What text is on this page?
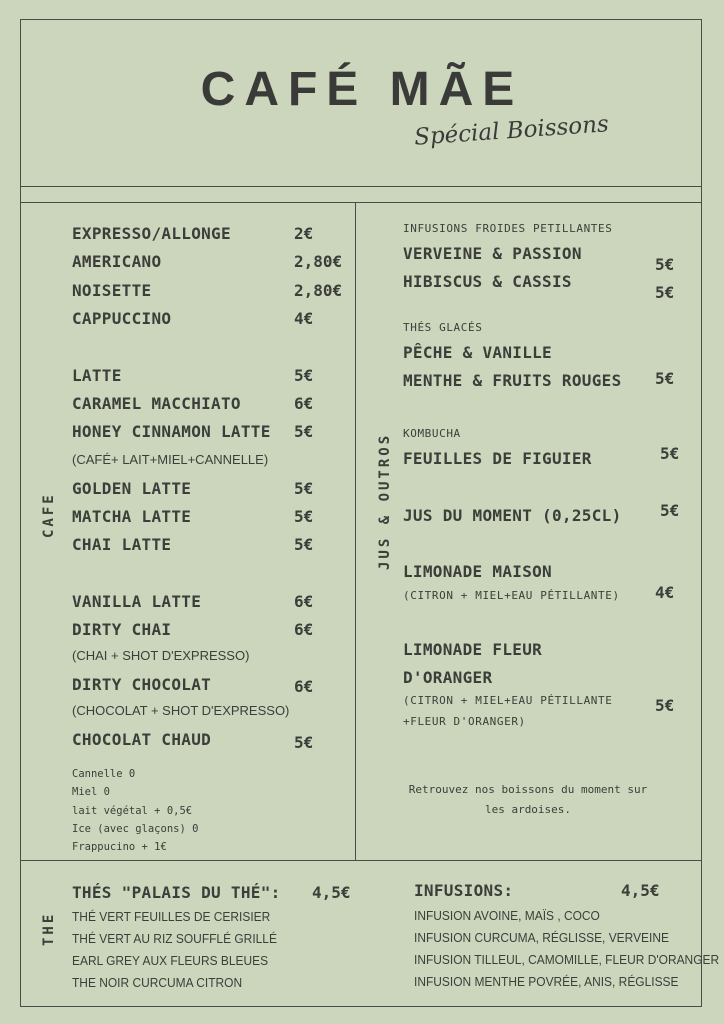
CAFÉ MÃE
Spécial Boissons
CAFE
EXPRESSO/ALLONGE	2€
AMERICANO	2,80€
NOISETTE	2,80€
CAPPUCCINO	4€
LATTE	5€
CARAMEL MACCHIATO	6€
HONEY CINNAMON LATTE 5€
(CAFÉ+ LAIT+MIEL+CANNELLE)
GOLDEN LATTE	5€
MATCHA LATTE	5€
CHAI LATTE	5€
VANILLA LATTE	6€
DIRTY CHAI	6€
(CHAI + SHOT D'EXPRESSO)
DIRTY CHOCOLAT	6€
(CHOCOLAT + SHOT D'EXPRESSO)
CHOCOLAT CHAUD	5€
Cannelle 0
Miel 0
lait végétal + 0,5€
Ice (avec glaçons) 0
Frappucino + 1€
JUS & OUTROS
INFUSIONS FROIDES PETILLANTES
VERVEINE & PASSION
5€
HIBISCUS & CASSIS
5€
THÉS GLACÉS
PÊCHE & VANILLE
MENTHE & FRUITS ROUGES 5€
KOMBUCHA
FEUILLES DE FIGUIER	5€
JUS DU MOMENT (0,25CL) 5€
LIMONADE MAISON
(CITRON + MIEL+EAU PÉTILLANTE) 4€
LIMONADE FLEUR
D'ORANGER
(CITRON + MIEL+EAU PÉTILLANTE
+FLEUR D'ORANGER)
5€
Retrouvez nos boissons du moment sur
les ardoises.
THE
THÉS "PALAIS DU THÉ": 4,5€
THÉ VERT FEUILLES DE CERISIER
THÉ VERT AU RIZ SOUFFLÉ GRILLÉ
EARL GREY AUX FLEURS BLEUES
THE NOIR CURCUMA CITRON
INFUSIONS:	4,5€
INFUSION AVOINE, MAÏS , COCO
INFUSION CURCUMA, RÉGLISSE, VERVEINE
INFUSION TILLEUL, CAMOMILLE, FLEUR D'ORANGER
INFUSION MENTHE POVRÉE, ANIS, RÉGLISSE
